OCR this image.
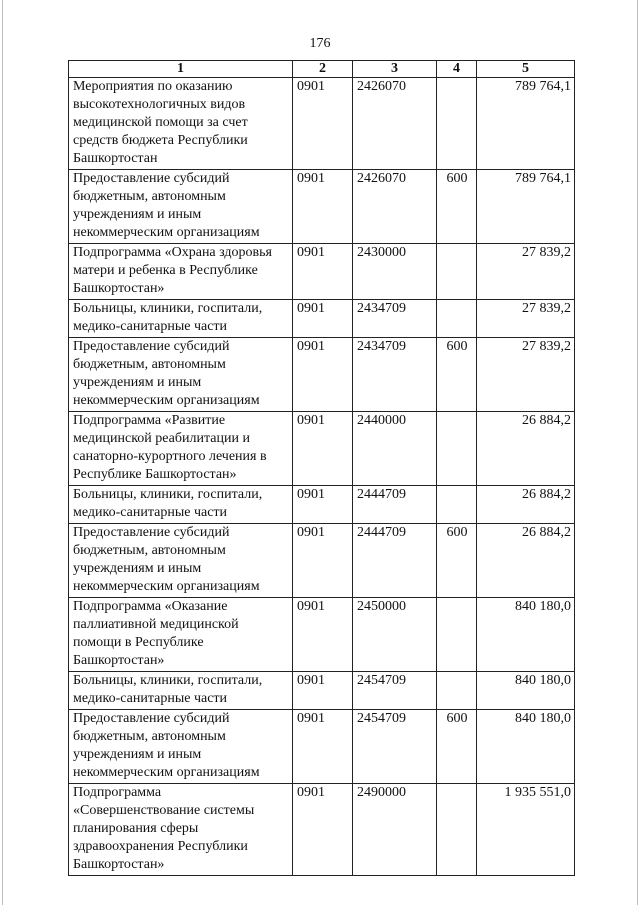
176
1	2	3	4	5
Мероприятия по оказанию высокотехнологичных видов медицинской помощи за счет средств бюджета Республики Башкортостан	0901	2426070		789 764,1
Предоставление субсидий бюджетным, автономным учреждениям и иным некоммерческим организациям	0901	2426070	600	789 764,1
Подпрограмма «Охрана здоровья матери и ребенка в Республике Башкортостан»	0901	2430000		27 839,2
Больницы, клиники, госпитали, медико-санитарные части	0901	2434709		27 839,2
Предоставление субсидий бюджетным, автономным учреждениям и иным некоммерческим организациям	0901	2434709	600	27 839,2
Подпрограмма «Развитие медицинской реабилитации и санаторно-курортного лечения в Республике Башкортостан»	0901	2440000		26 884,2
Больницы, клиники, госпитали, медико-санитарные части	0901	2444709		26 884,2
Предоставление субсидий бюджетным, автономным учреждениям и иным некоммерческим организациям	0901	2444709	600	26 884,2
Подпрограмма «Оказание паллиативной медицинской помощи в Республике Башкортостан»	0901	2450000		840 180,0
Больницы, клиники, госпитали, медико-санитарные части	0901	2454709		840 180,0
Предоставление субсидий бюджетным, автономным учреждениям и иным некоммерческим организациям	0901	2454709	600	840 180,0
Подпрограмма «Совершенствование системы планирования сферы здравоохранения Республики Башкортостан»	0901	2490000		1 935 551,0
